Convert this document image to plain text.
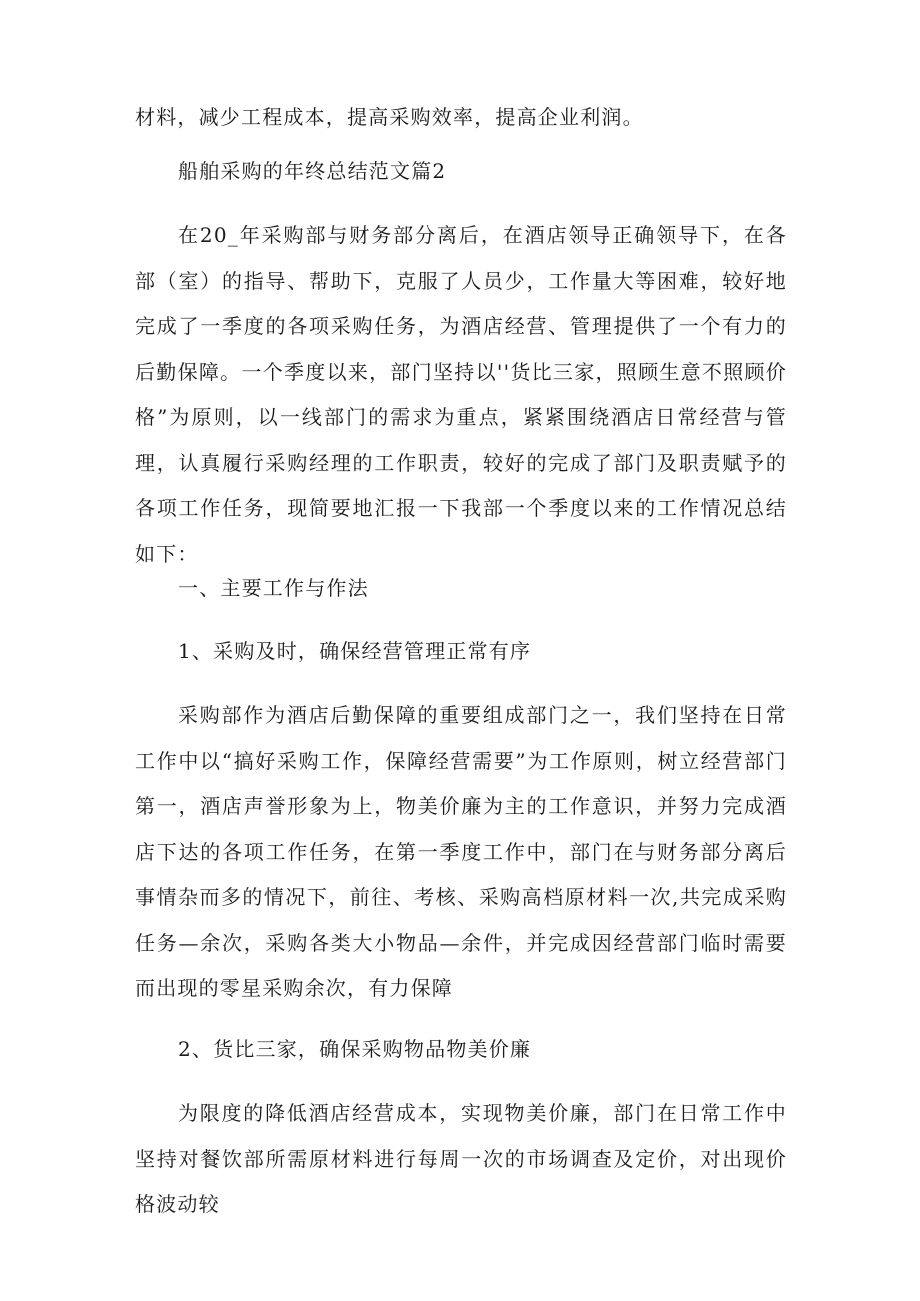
材料，减少工程成本，提高采购效率，提高企业利润。

船舶采购的年终总结范文篇2

在20_年采购部与财务部分离后，在酒店领导正确领导下，在各部（室）的指导、帮助下，克服了人员少，工作量大等困难，较好地完成了一季度的各项采购任务，为酒店经营、管理提供了一个有力的后勤保障。一个季度以来，部门坚持以''货比三家，照顾生意不照顾价格”为原则，以一线部门的需求为重点，紧紧围绕酒店日常经营与管理，认真履行采购经理的工作职责，较好的完成了部门及职责赋予的各项工作任务，现简要地汇报一下我部一个季度以来的工作情况总结如下：

一、主要工作与作法

1、采购及时，确保经营管理正常有序

采购部作为酒店后勤保障的重要组成部门之一，我们坚持在日常工作中以“搞好采购工作，保障经营需要”为工作原则，树立经营部门第一，酒店声誉形象为上，物美价廉为主的工作意识，并努力完成酒店下达的各项工作任务，在第一季度工作中，部门在与财务部分离后事情杂而多的情况下，前往、考核、采购高档原材料一次,共完成采购任务—余次，采购各类大小物品—余件，并完成因经营部门临时需要而出现的零星采购余次，有力保障

2、货比三家，确保采购物品物美价廉

为限度的降低酒店经营成本，实现物美价廉，部门在日常工作中坚持对餐饮部所需原材料进行每周一次的市场调查及定价，对出现价格波动较
